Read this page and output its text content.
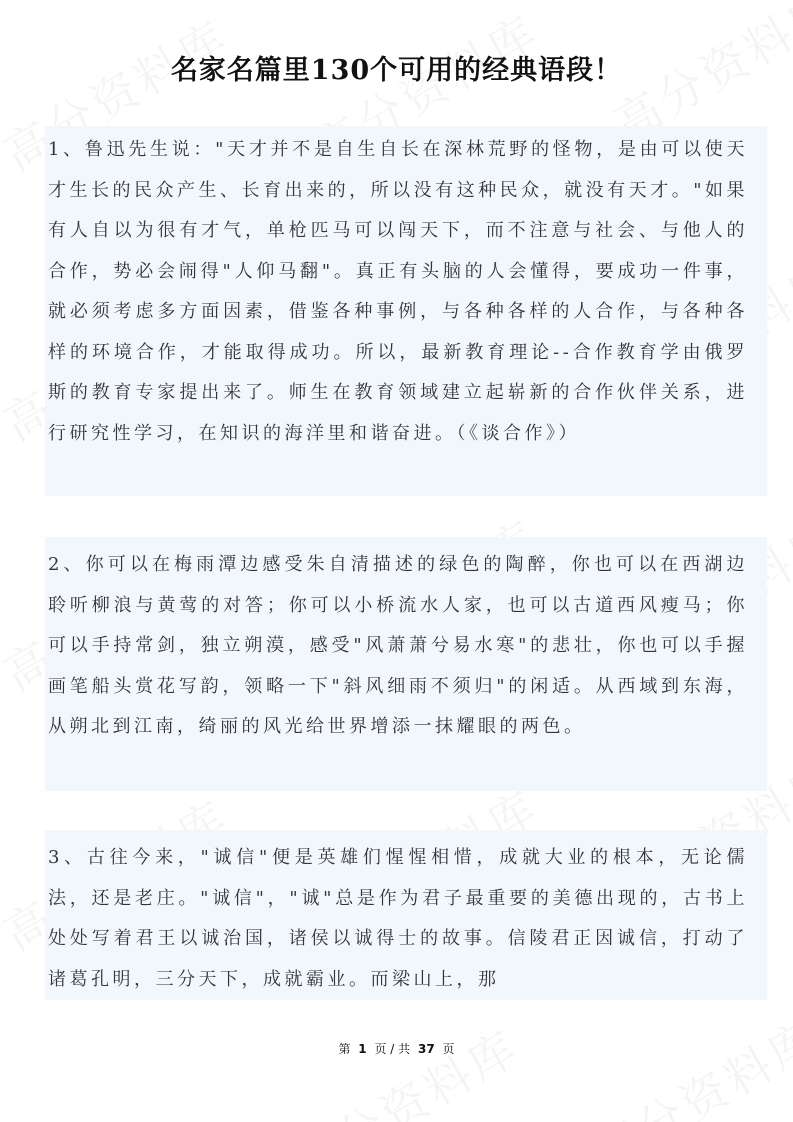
名家名篇里130个可用的经典语段！

1、鲁迅先生说："天才并不是自生自长在深林荒野的怪物，是由可以使天才生长的民众产生、长育出来的，所以没有这种民众，就没有天才。"如果有人自以为很有才气，单枪匹马可以闯天下，而不注意与社会、与他人的合作，势必会闹得"人仰马翻"。真正有头脑的人会懂得，要成功一件事，就必须考虑多方面因素，借鉴各种事例，与各种各样的人合作，与各种各样的环境合作，才能取得成功。所以，最新教育理论--合作教育学由俄罗斯的教育专家提出来了。师生在教育领域建立起崭新的合作伙伴关系，进行研究性学习，在知识的海洋里和谐奋进。（《谈合作》）

2、你可以在梅雨潭边感受朱自清描述的绿色的陶醉，你也可以在西湖边聆听柳浪与黄莺的对答；你可以小桥流水人家，也可以古道西风瘦马；你可以手持常剑，独立朔漠，感受"风萧萧兮易水寒"的悲壮，你也可以手握画笔船头赏花写韵，领略一下"斜风细雨不须归"的闲适。从西域到东海，从朔北到江南，绮丽的风光给世界增添一抹耀眼的两色。

3、古往今来，"诚信"便是英雄们惺惺相惜，成就大业的根本，无论儒法，还是老庄。"诚信"，"诚"总是作为君子最重要的美德出现的，古书上处处写着君王以诚治国，诸侯以诚得士的故事。信陵君正因诚信，打动了诸葛孔明，三分天下，成就霸业。而梁山上，那

第 1 页 / 共 37 页
